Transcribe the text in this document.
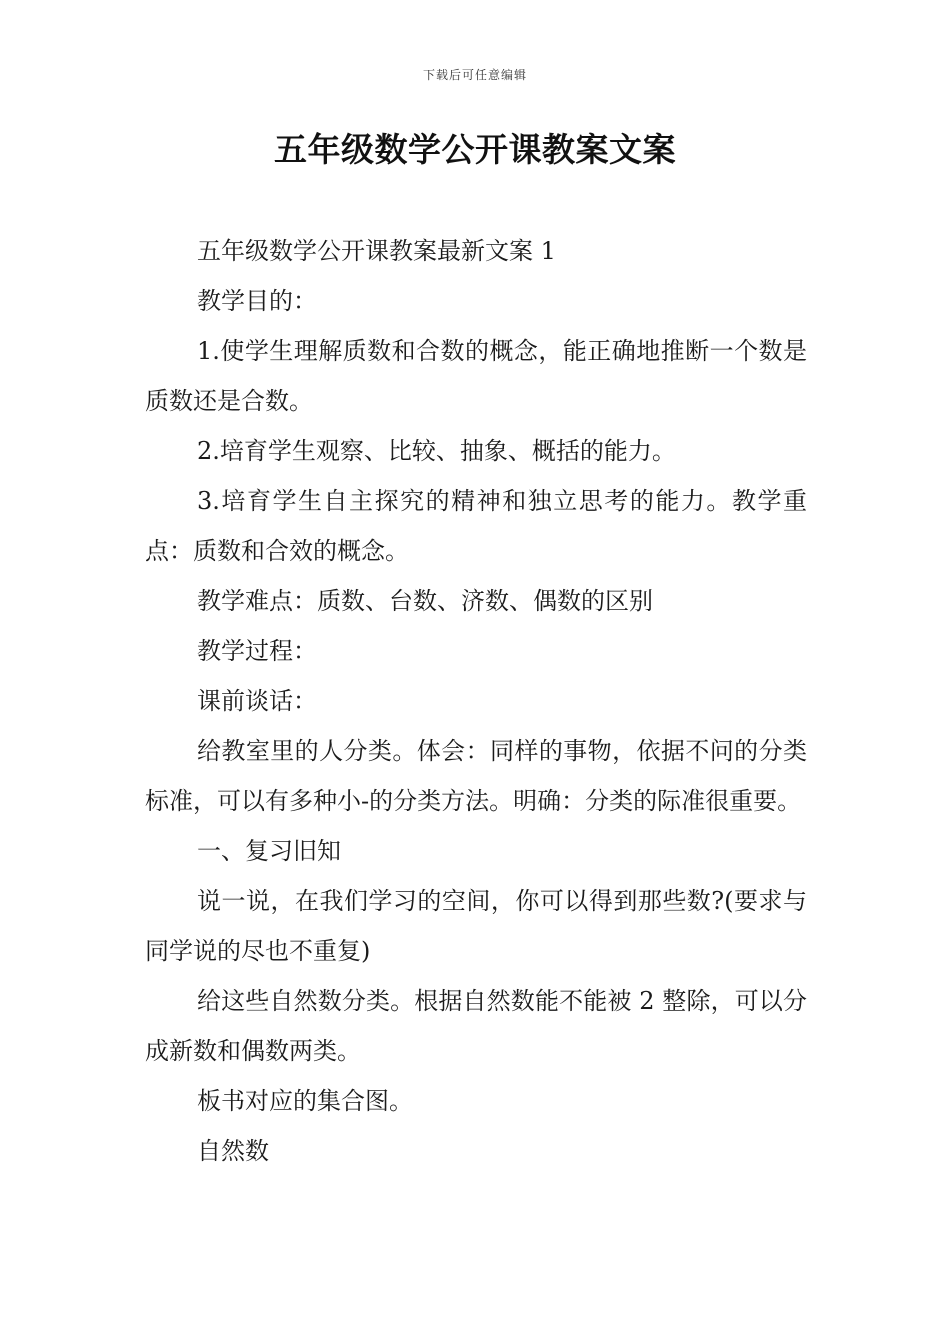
下载后可任意编辑
五年级数学公开课教案文案

五年级数学公开课教案最新文案 1

教学目的：

1.使学生理解质数和合数的概念，能正确地推断一个数是质数还是合数。

2.培育学生观察、比较、抽象、概括的能力。

3.培育学生自主探究的精神和独立思考的能力。教学重点：质数和合效的概念。

教学难点：质数、台数、济数、偶数的区别

教学过程：

课前谈话：

给教室里的人分类。体会：同样的事物，依据不问的分类标准，可以有多种小-的分类方法。明确：分类的际准很重要。

一、复习旧知

说一说，在我们学习的空间，你可以得到那些数?(要求与同学说的尽也不重复)

给这些自然数分类。根据自然数能不能被 2 整除，可以分成新数和偶数两类。

板书对应的集合图。

自然数
